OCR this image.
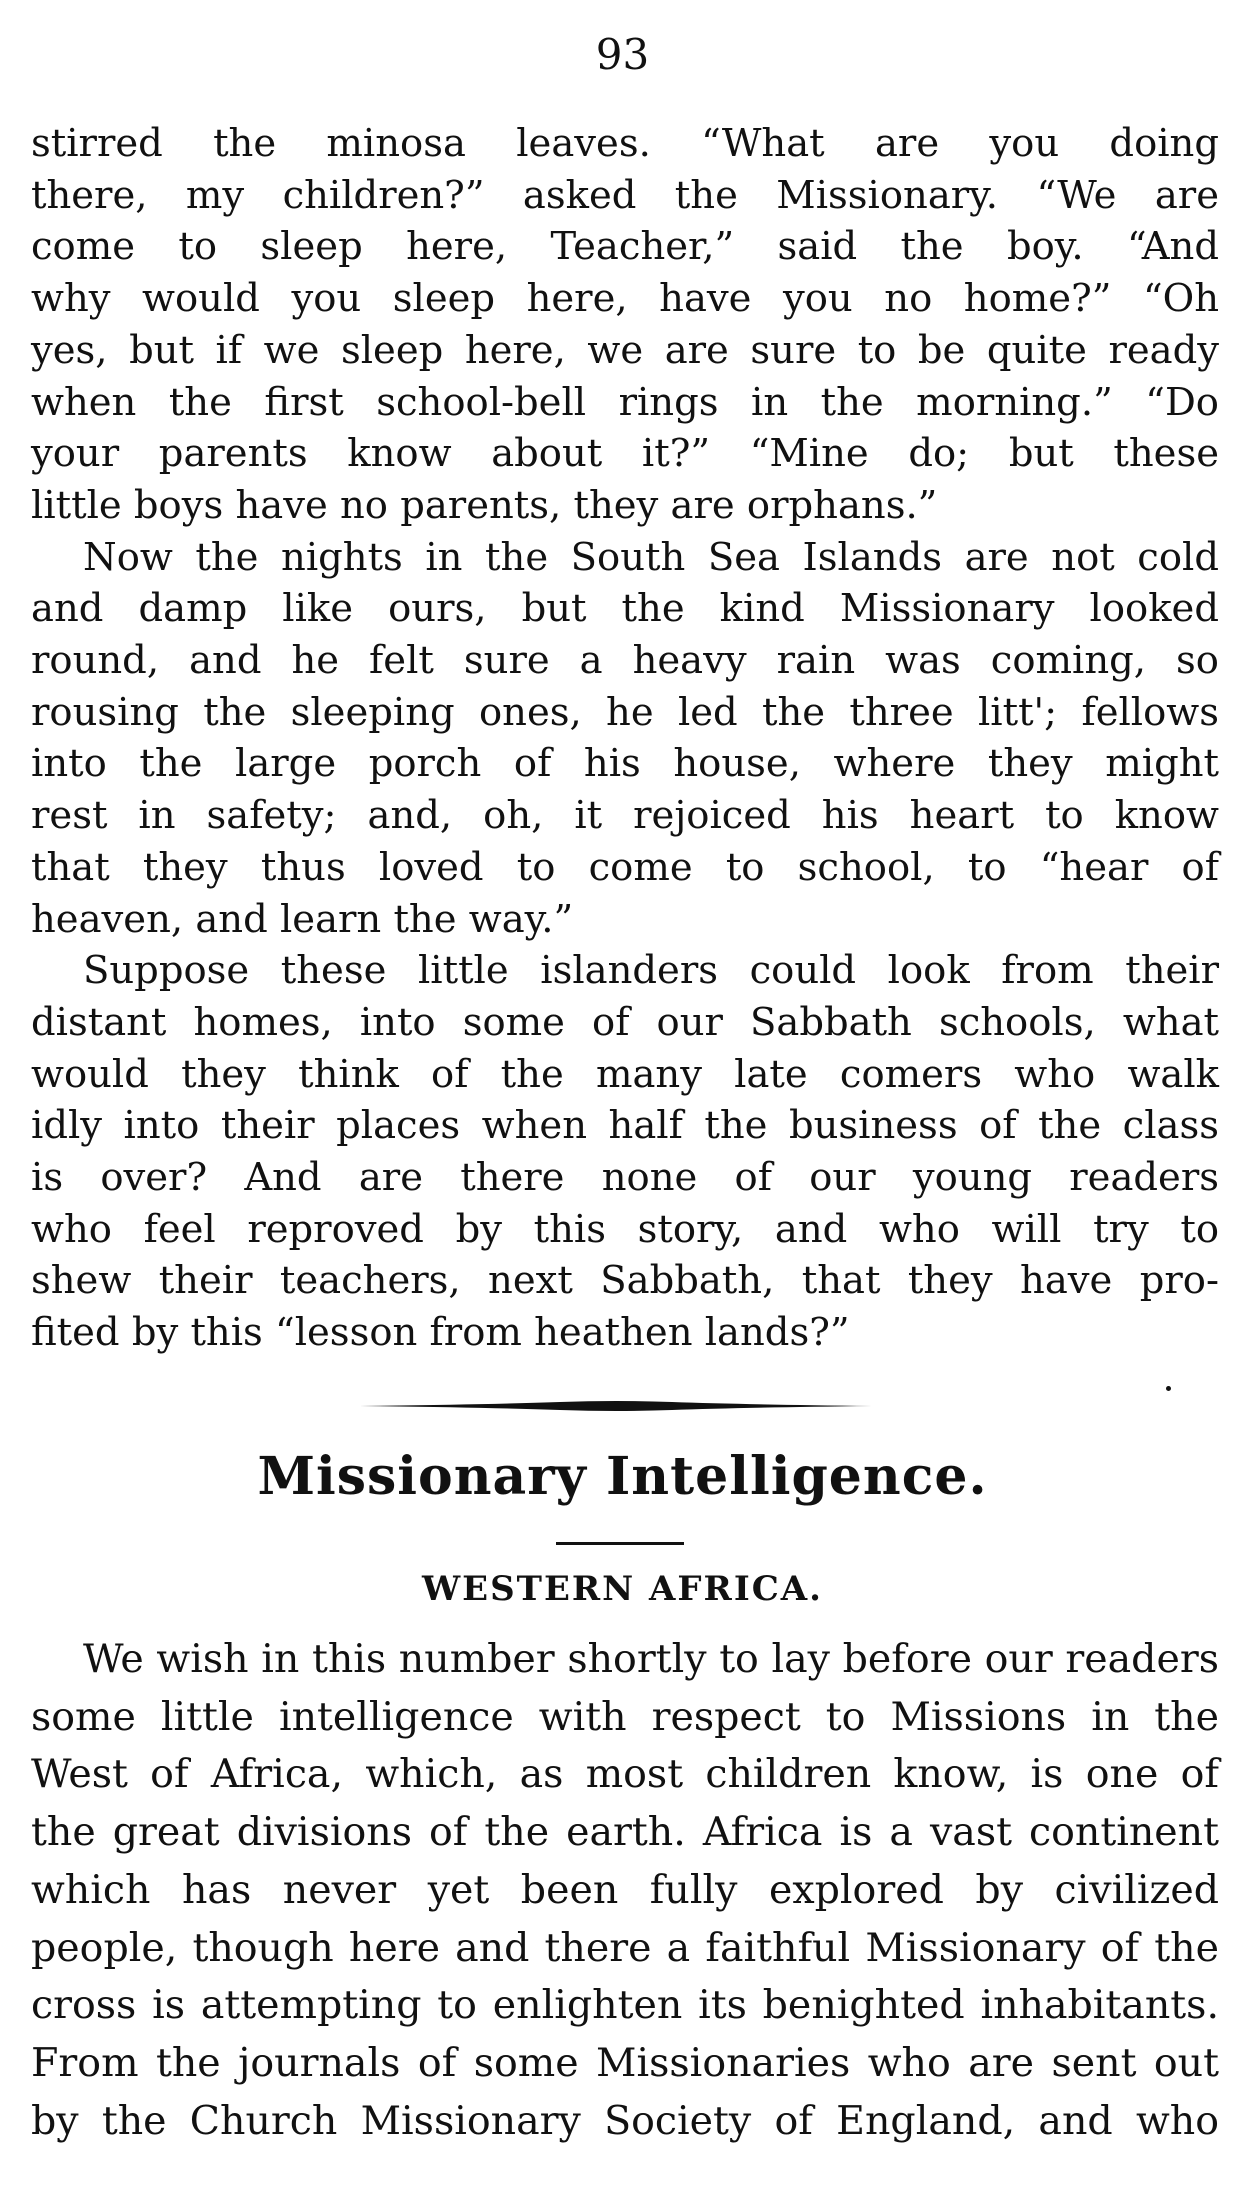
93
stirred the minosa leaves. “What are you doing
there, my children?” asked the Missionary. “We are
come to sleep here, Teacher,” said the boy. “And
why would you sleep here, have you no home?” “Oh
yes, but if we sleep here, we are sure to be quite ready
when the first school-bell rings in the morning.” “Do
your parents know about it?” “Mine do; but these
little boys have no parents, they are orphans.”
Now the nights in the South Sea Islands are not cold
and damp like ours, but the kind Missionary looked
round, and he felt sure a heavy rain was coming, so
rousing the sleeping ones, he led the three litt'; fellows
into the large porch of his house, where they might
rest in safety; and, oh, it rejoiced his heart to know
that they thus loved to come to school, to “hear of
heaven, and learn the way.”
Suppose these little islanders could look from their
distant homes, into some of our Sabbath schools, what
would they think of the many late comers who walk
idly into their places when half the business of the class
is over? And are there none of our young readers
who feel reproved by this story, and who will try to
shew their teachers, next Sabbath, that they have pro-
fited by this “lesson from heathen lands?”
Missionary Intelligence.
WESTERN AFRICA.
We wish in this number shortly to lay before our readers
some little intelligence with respect to Missions in the
West of Africa, which, as most children know, is one of
the great divisions of the earth. Africa is a vast continent
which has never yet been fully explored by civilized
people, though here and there a faithful Missionary of the
cross is attempting to enlighten its benighted inhabitants.
From the journals of some Missionaries who are sent out
by the Church Missionary Society of England, and who
